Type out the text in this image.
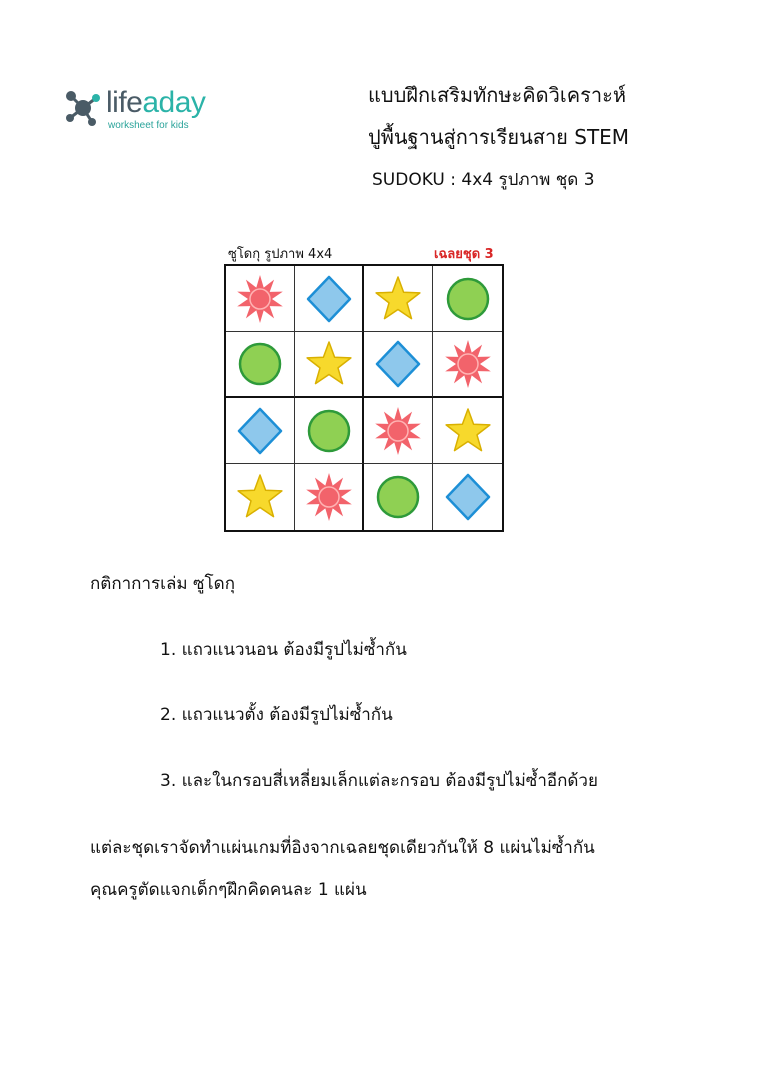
lifeaday
worksheet for kids
แบบฝึกเสริมทักษะคิดวิเคราะห์
ปูพื้นฐานสู่การเรียนสาย STEM
SUDOKU : 4x4 รูปภาพ ชุด 3
ซูโดกุ รูปภาพ 4x4	เฉลยชุด 3
กติกาการเล่ม ซูโดกุ
1. แถวแนวนอน ต้องมีรูปไม่ซ้ำกัน
2. แถวแนวตั้ง ต้องมีรูปไม่ซ้ำกัน
3. และในกรอบสี่เหลี่ยมเล็กแต่ละกรอบ ต้องมีรูปไม่ซ้ำอีกด้วย
แต่ละชุดเราจัดทำแผ่นเกมที่อิงจากเฉลยชุดเดียวกันให้ 8 แผ่นไม่ซ้ำกัน
คุณครูตัดแจกเด็กๆฝึกคิดคนละ 1 แผ่น
